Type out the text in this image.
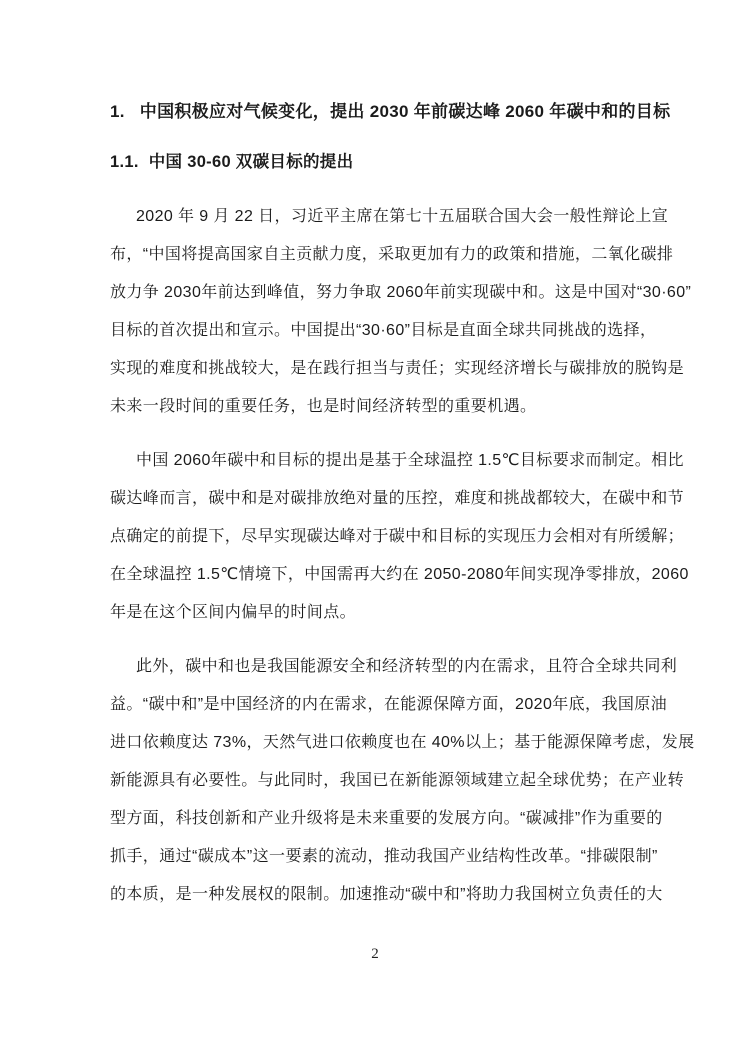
1. 中国积极应对气候变化，提出 2030 年前碳达峰 2060 年碳中和的目标
1.1. 中国 30-60 双碳目标的提出
2020 年 9 月 22 日，习近平主席在第七十五届联合国大会一般性辩论上宣
布，“中国将提高国家自主贡献力度，采取更加有力的政策和措施，二氧化碳排
放力争 2030年前达到峰值，努力争取 2060年前实现碳中和。这是中国对“30·60”
目标的首次提出和宣示。中国提出“30·60”目标是直面全球共同挑战的选择，
实现的难度和挑战较大，是在践行担当与责任；实现经济增长与碳排放的脱钩是
未来一段时间的重要任务，也是时间经济转型的重要机遇。
中国 2060年碳中和目标的提出是基于全球温控 1.5℃目标要求而制定。相比
碳达峰而言，碳中和是对碳排放绝对量的压控，难度和挑战都较大，在碳中和节
点确定的前提下，尽早实现碳达峰对于碳中和目标的实现压力会相对有所缓解；
在全球温控 1.5℃情境下，中国需再大约在 2050-2080年间实现净零排放，2060
年是在这个区间内偏早的时间点。
此外，碳中和也是我国能源安全和经济转型的内在需求，且符合全球共同利
益。“碳中和”是中国经济的内在需求，在能源保障方面，2020年底，我国原油
进口依赖度达 73%，天然气进口依赖度也在 40%以上；基于能源保障考虑，发展
新能源具有必要性。与此同时，我国已在新能源领域建立起全球优势；在产业转
型方面，科技创新和产业升级将是未来重要的发展方向。“碳减排”作为重要的
抓手，通过“碳成本”这一要素的流动，推动我国产业结构性改革。“排碳限制”
的本质，是一种发展权的限制。加速推动“碳中和”将助力我国树立负责任的大
2
